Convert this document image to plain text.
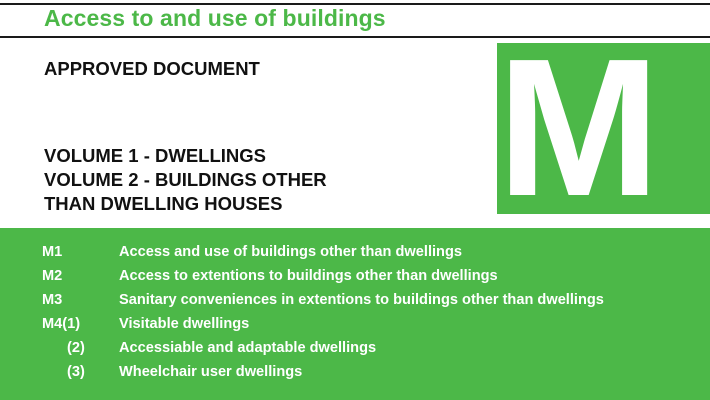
Access to and use of buildings
APPROVED DOCUMENT
VOLUME 1 - DWELLINGS
VOLUME 2 - BUILDINGS OTHER
THAN DWELLING HOUSES M
M1	Access and use of buildings other than dwellings
M2	Access to extentions to buildings other than dwellings
M3	Sanitary conveniences in extentions to buildings other than dwellings
M4(1)	Visitable dwellings
(2) Accessiable and adaptable dwellings
(3) Wheelchair user dwellings
